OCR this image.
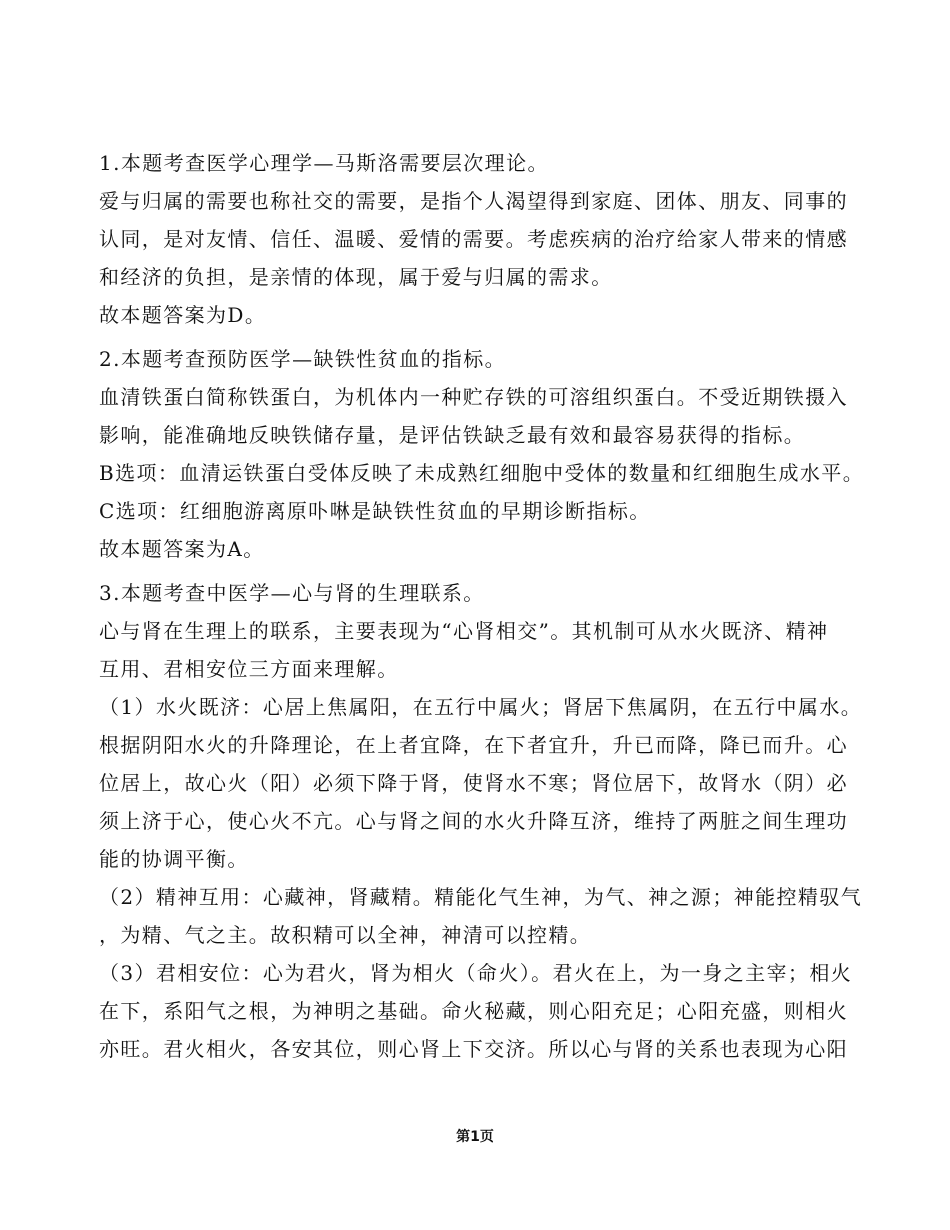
1.本题考查医学心理学—马斯洛需要层次理论。
爱与归属的需要也称社交的需要，是指个人渴望得到家庭、团体、朋友、同事的
认同，是对友情、信任、温暖、爱情的需要。考虑疾病的治疗给家人带来的情感
和经济的负担，是亲情的体现，属于爱与归属的需求。
故本题答案为D。
2.本题考查预防医学—缺铁性贫血的指标。
血清铁蛋白简称铁蛋白，为机体内一种贮存铁的可溶组织蛋白。不受近期铁摄入
影响，能准确地反映铁储存量，是评估铁缺乏最有效和最容易获得的指标。
B选项：血清运铁蛋白受体反映了未成熟红细胞中受体的数量和红细胞生成水平。
C选项：红细胞游离原卟啉是缺铁性贫血的早期诊断指标。
故本题答案为A。
3.本题考查中医学—心与肾的生理联系。
心与肾在生理上的联系，主要表现为“心肾相交”。其机制可从水火既济、精神
互用、君相安位三方面来理解。
（1）水火既济：心居上焦属阳，在五行中属火；肾居下焦属阴，在五行中属水。
根据阴阳水火的升降理论，在上者宜降，在下者宜升，升已而降，降已而升。心
位居上，故心火（阳）必须下降于肾，使肾水不寒；肾位居下，故肾水（阴）必
须上济于心，使心火不亢。心与肾之间的水火升降互济，维持了两脏之间生理功
能的协调平衡。
（2）精神互用：心藏神，肾藏精。精能化气生神，为气、神之源；神能控精驭气
，为精、气之主。故积精可以全神，神清可以控精。
（3）君相安位：心为君火，肾为相火（命火）。君火在上，为一身之主宰；相火
在下，系阳气之根，为神明之基础。命火秘藏，则心阳充足；心阳充盛，则相火
亦旺。君火相火，各安其位，则心肾上下交济。所以心与肾的关系也表现为心阳
第1页
